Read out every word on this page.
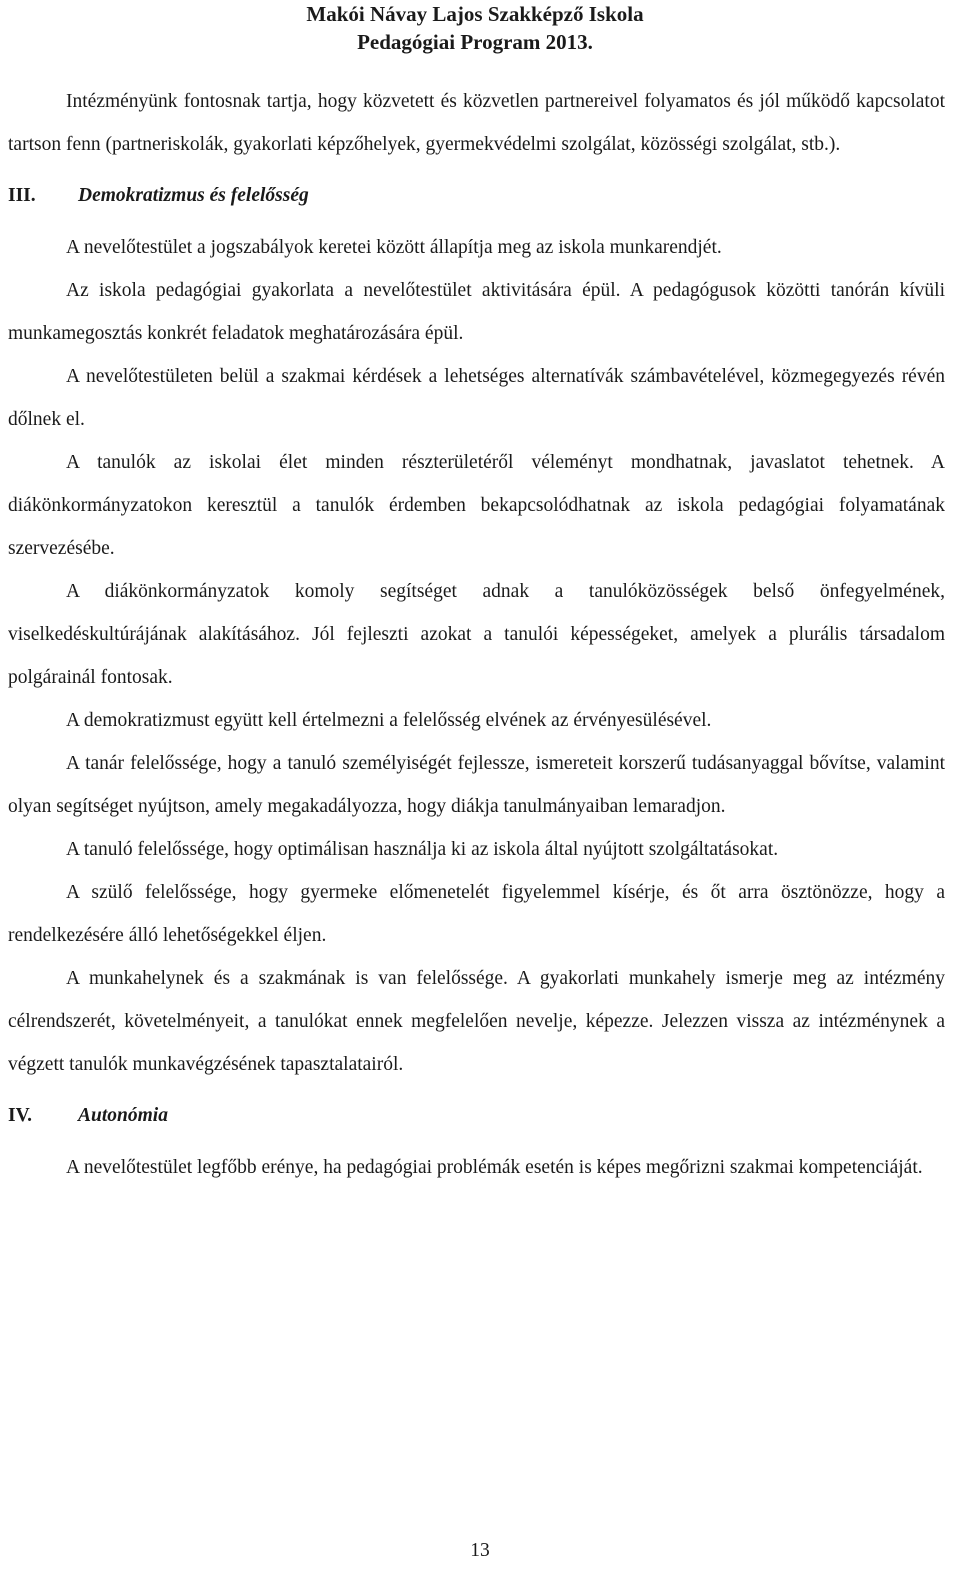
Makói Návay Lajos Szakképző Iskola
Pedagógiai Program 2013.

Intézményünk fontosnak tartja, hogy közvetett és közvetlen partnereivel folyamatos és jól működő kapcsolatot tartson fenn (partneriskolák, gyakorlati képzőhelyek, gyermekvédelmi szolgálat, közösségi szolgálat, stb.).

III.	Demokratizmus és felelősség

A nevelőtestület a jogszabályok keretei között állapítja meg az iskola munkarendjét.

Az iskola pedagógiai gyakorlata a nevelőtestület aktivitására épül. A pedagógusok közötti tanórán kívüli munkamegosztás konkrét feladatok meghatározására épül.

A nevelőtestületen belül a szakmai kérdések a lehetséges alternatívák számbavételével, közmegegyezés révén dőlnek el.

A tanulók az iskolai élet minden részterületéről véleményt mondhatnak, javaslatot tehetnek. A diákönkormányzatokon keresztül a tanulók érdemben bekapcsolódhatnak az iskola pedagógiai folyamatának szervezésébe.

A diákönkormányzatok komoly segítséget adnak a tanulóközösségek belső önfegyelmének, viselkedéskultúrájának alakításához. Jól fejleszti azokat a tanulói képességeket, amelyek a plurális társadalom polgárainál fontosak.

A demokratizmust együtt kell értelmezni a felelősség elvének az érvényesülésével.

A tanár felelőssége, hogy a tanuló személyiségét fejlessze, ismereteit korszerű tudásanyaggal bővítse, valamint olyan segítséget nyújtson, amely megakadályozza, hogy diákja tanulmányaiban lemaradjon.

A tanuló felelőssége, hogy optimálisan használja ki az iskola által nyújtott szolgáltatásokat.

A szülő felelőssége, hogy gyermeke előmenetelét figyelemmel kísérje, és őt arra ösztönözze, hogy a rendelkezésére álló lehetőségekkel éljen.

A munkahelynek és a szakmának is van felelőssége. A gyakorlati munkahely ismerje meg az intézmény célrendszerét, követelményeit, a tanulókat ennek megfelelően nevelje, képezze. Jelezzen vissza az intézménynek a végzett tanulók munkavégzésének tapasztalatairól.

IV.	Autonómia

A nevelőtestület legfőbb erénye, ha pedagógiai problémák esetén is képes megőrizni szakmai kompetenciáját.

13
